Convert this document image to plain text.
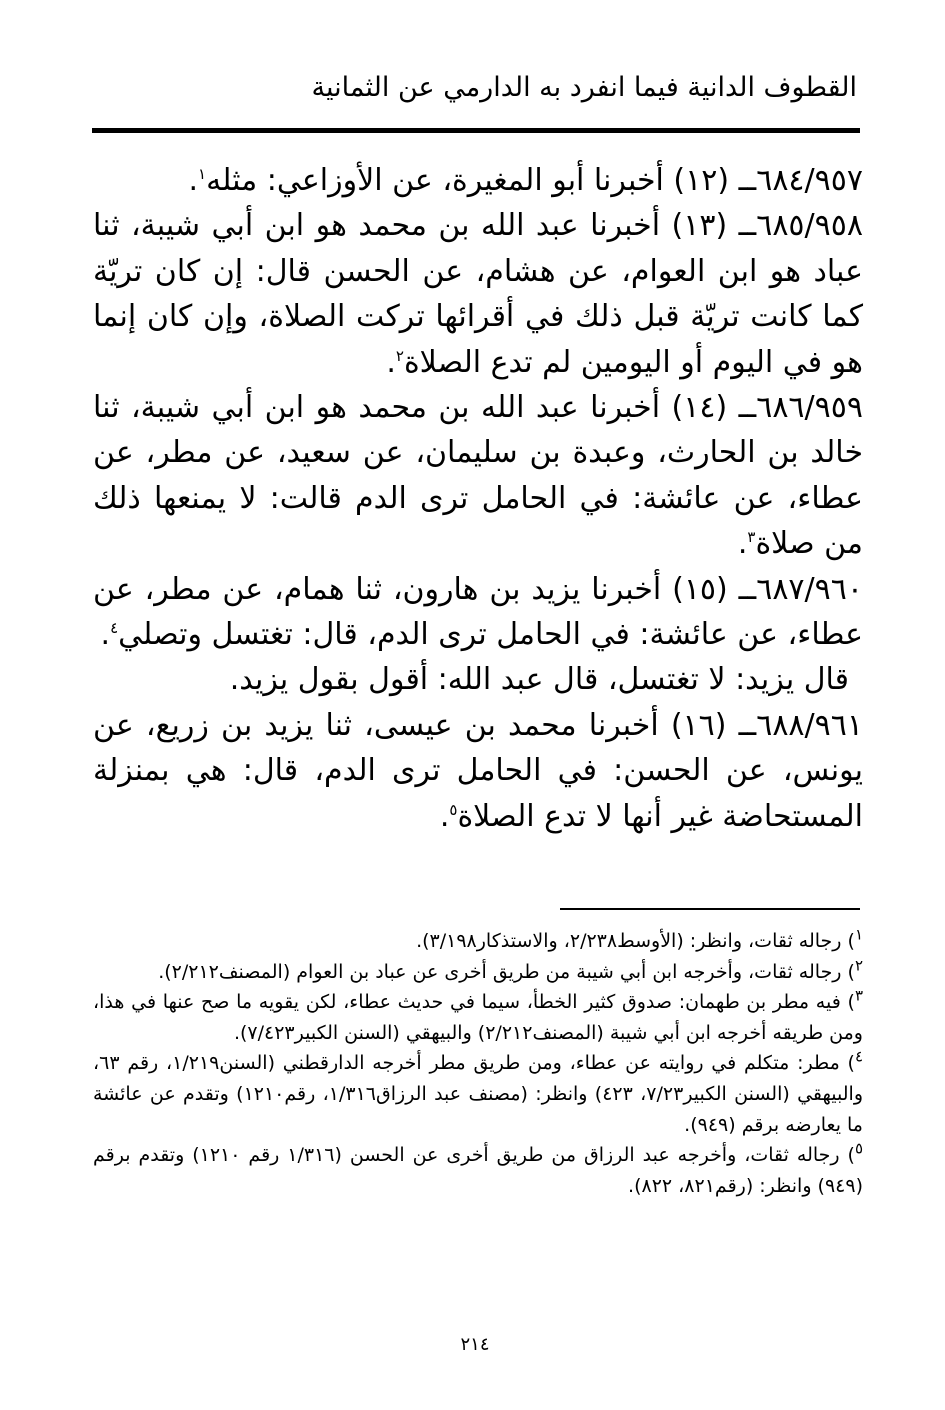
القطوف الدانية فيما انفرد به الدارمي عن الثمانية

٦٨٤/٩٥٧ــ (١٢) أخبرنا أبو المغيرة، عن الأوزاعي: مثله$^١$.

٦٨٥/٩٥٨ــ (١٣) أخبرنا عبد الله بن محمد هو ابن أبي شيبة، ثنا عباد هو ابن العوام، عن هشام، عن الحسن قال: إن كان تريّة كما كانت تريّة قبل ذلك في أقرائها تركت الصلاة، وإن كان إنما هو في اليوم أو اليومين لم تدع الصلاة$^٢$.

٦٨٦/٩٥٩ــ (١٤) أخبرنا عبد الله بن محمد هو ابن أبي شيبة، ثنا خالد بن الحارث، وعبدة بن سليمان، عن سعيد، عن مطر، عن عطاء، عن عائشة: في الحامل ترى الدم قالت: لا يمنعها ذلك من صلاة$^٣$.

٦٨٧/٩٦٠ــ (١٥) أخبرنا يزيد بن هارون، ثنا همام، عن مطر، عن عطاء، عن عائشة: في الحامل ترى الدم، قال: تغتسل وتصلي$^٤$.

قال يزيد: لا تغتسل، قال عبد الله: أقول بقول يزيد.

٦٨٨/٩٦١ــ (١٦) أخبرنا محمد بن عيسى، ثنا يزيد بن زريع، عن يونس، عن الحسن: في الحامل ترى الدم، قال: هي بمنزلة المستحاضة غير أنها لا تدع الصلاة$^٥$.

$^١$) رجاله ثقات، وانظر: (الأوسط٢/٢٣٨، والاستذكار٣/١٩٨).

$^٢$) رجاله ثقات، وأخرجه ابن أبي شيبة من طريق أخرى عن عباد بن العوام (المصنف٢/٢١٢).

$^٣$) فيه مطر بن طهمان: صدوق كثير الخطأ، سيما في حديث عطاء، لكن يقويه ما صح عنها في هذا، ومن طريقه أخرجه ابن أبي شيبة (المصنف٢/٢١٢) والبيهقي (السنن الكبير٧/٤٢٣).

$^٤$) مطر: متكلم في روايته عن عطاء، ومن طريق مطر أخرجه الدارقطني (السنن١/٢١٩، رقم ٦٣، والبيهقي (السنن الكبير٧/٢٣، ٤٢٣) وانظر: (مصنف عبد الرزاق١/٣١٦، رقم١٢١٠) وتقدم عن عائشة ما يعارضه برقم (٩٤٩).

$^٥$) رجاله ثقات، وأخرجه عبد الرزاق من طريق أخرى عن الحسن (١/٣١٦ رقم ١٢١٠) وتقدم برقم (٩٤٩) وانظر: (رقم٨٢١، ٨٢٢).

٢١٤
